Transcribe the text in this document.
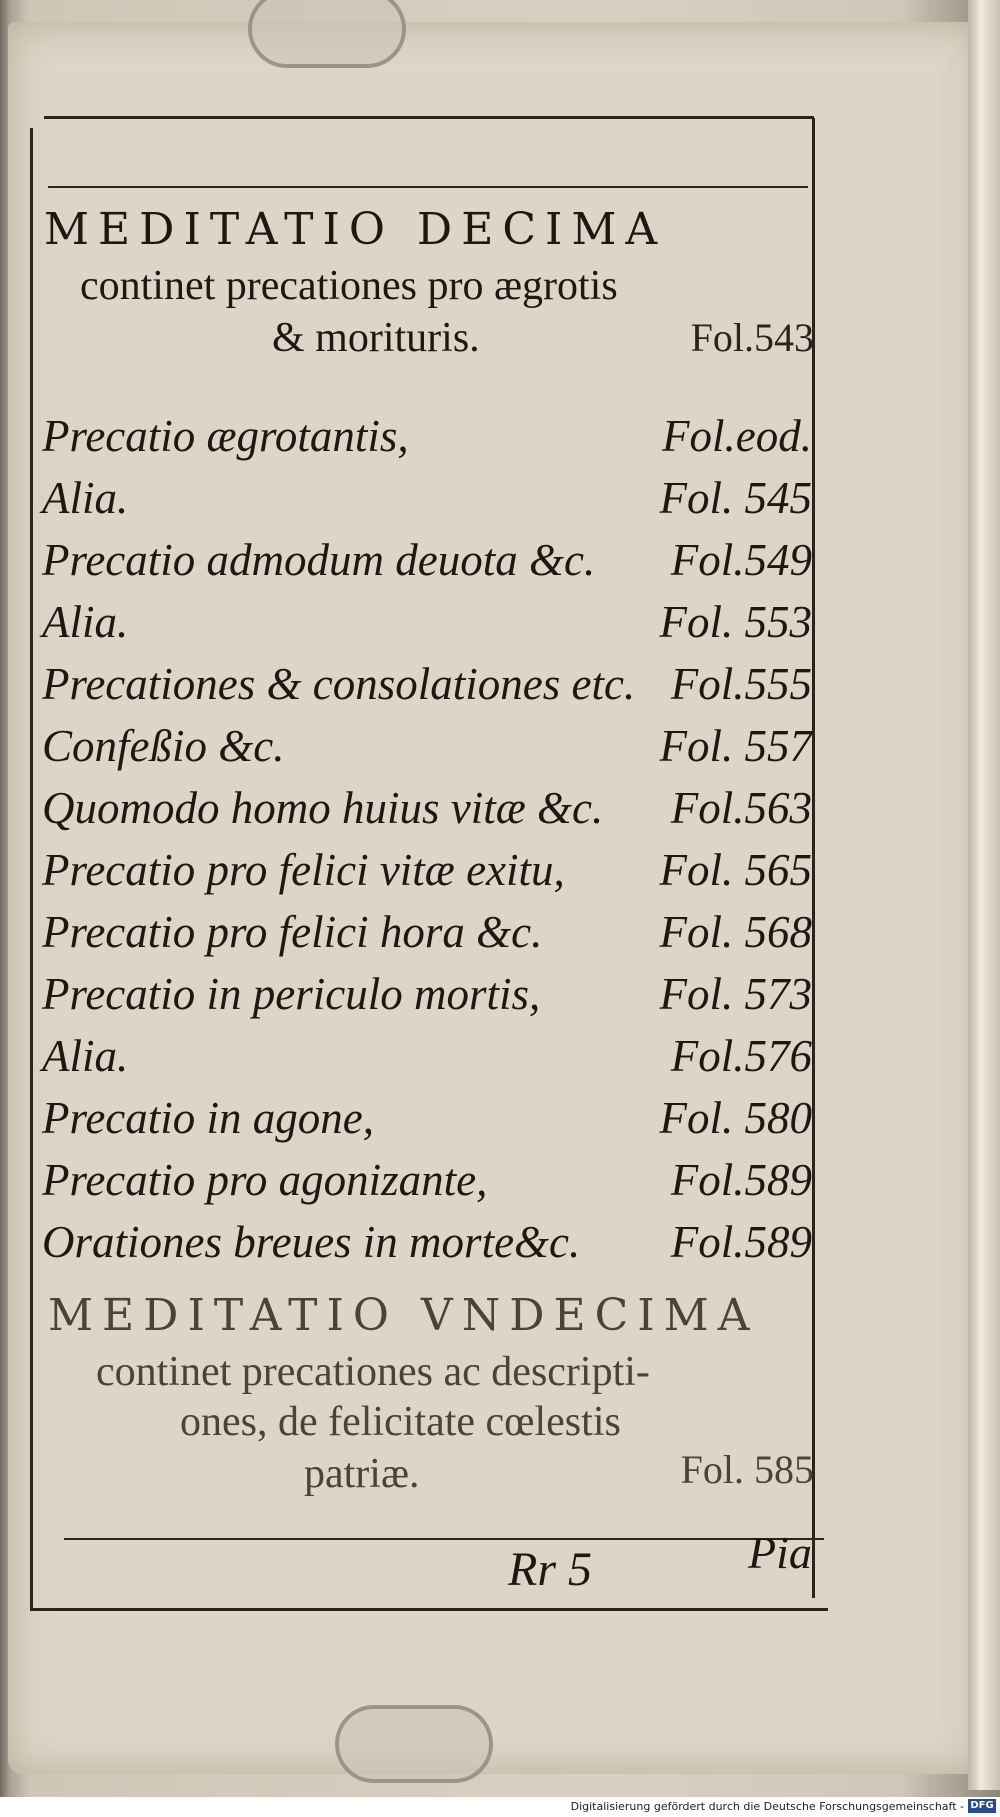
MEDITATIO DECIMA
continet precationes pro ægrotis
& morituris.	Fol.543
Precatio ægrotantis,	Fol.eod.
Alia.	Fol. 545
Precatio admodum deuota &c. Fol.549
Alia.	Fol. 553
Precationes & consolationes etc. Fol.555
Confeßio &c.	Fol. 557
Quomodo homo huius vitæ &c. Fol.563
Precatio pro felici vitæ exitu, Fol. 565
Precatio pro felici hora &c.	Fol. 568
Precatio in periculo mortis,	Fol. 573
Alia.	Fol.576
Precatio in agone,	Fol. 580
Precatio pro agonizante,	Fol.589
Orationes breues in morte&c. Fol.589
MEDITATIO VNDECIMA
continet precationes ac descripti-
ones, de felicitate cœlestis
patriæ.	Fol. 585
Rr 5	Pia
Digitalisierung gefördert durch die Deutsche Forschungsgemeinschaft - DFG
